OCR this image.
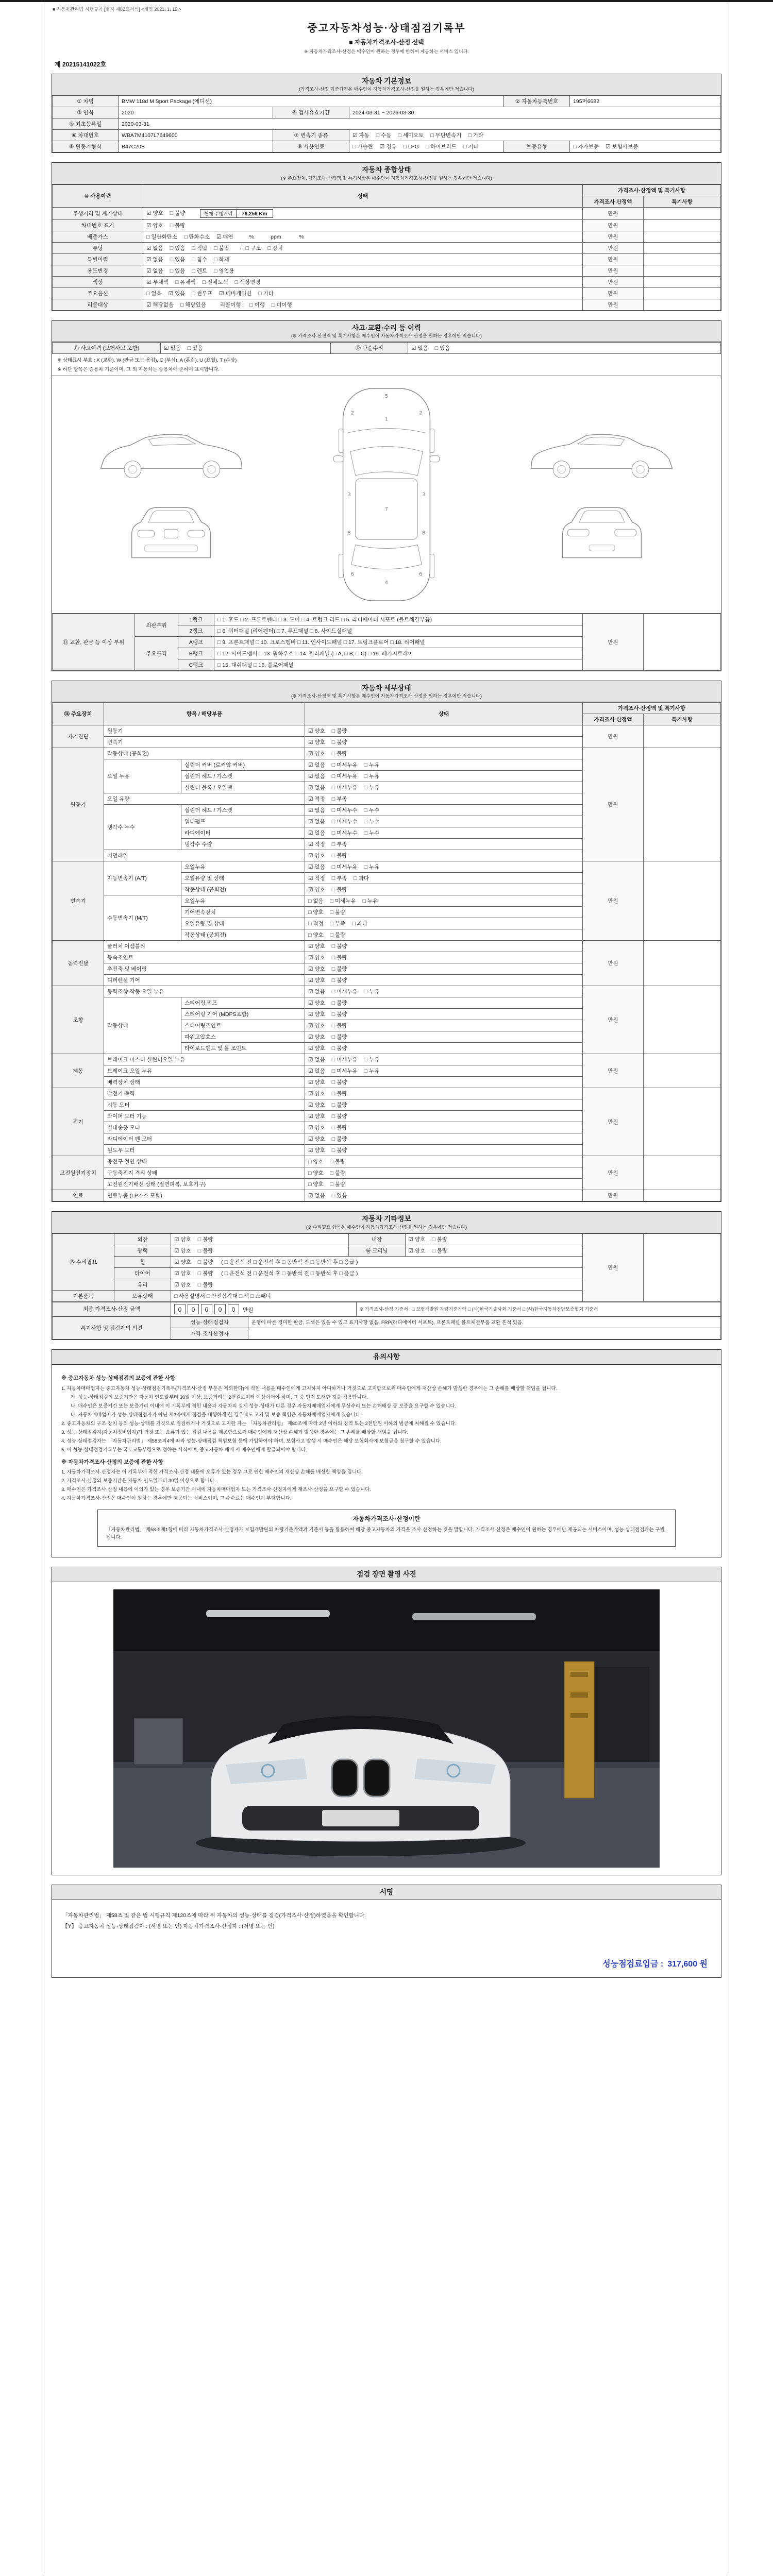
■ 자동차관리법 시행규칙 [별지 제82호서식] <개정 2021. 1. 19.>
중고자동차성능·상태점검기록부
■ 자동차가격조사·산정 선택
※ 자동차가격조사·산정은 매수인이 원하는 경우에 한하여 제공하는 서비스 입니다.
제 20215141022호
자동차 기본정보
(가격조사·산정 기준가격은 매수인이 자동차가격조사·산정을 원하는 경우에만 적습니다)
① 차명	BMW 118d M Sport Package (에디션)			② 자동차등록번호	195머6682
③ 연식	2020	④ 검사유효기간	2024-03-31 ~ 2026-03-30		
⑤ 최초등록일	2020-03-31				
⑥ 차대번호	WBA7M4107L7649600	⑦ 변속기 종류	☑ 자동 □ 수동 □ 세미오토 □ 무단변속기 □ 기타		
⑧ 원동기형식	B47C20B	⑨ 사용연료	□ 가솔린 ☑ 경유 □ LPG □ 하이브리드 □ 기타	보증유형	□ 자가보증 ☑ 보험사보증
자동차 종합상태
(※ 주요장치, 가격조사·산정액 및 특기사항은 매수인이 자동차가격조사·산정을 원하는 경우에만 적습니다)
⑩ 사용이력	상태	가격조사·산정액 및 특기사항	
		가격조사 산정액	특기사항
주행거리 및 계기상태	☑ 양호 □ 불량 현재 주행거리 76,256 Km	만원	
차대번호 표기	☑ 양호 □ 불량	만원	
배출가스	□ 일산화탄소 □ 탄화수소 ☑ 매연 %           ppm            %	만원	
튜닝	☑ 없음 □ 있음 □ 적법 □ 불법 / □ 구조 □ 장치	만원	
특별이력	☑ 없음 □ 있음 □ 침수 □ 화재	만원	
용도변경	☑ 없음 □ 있음 □ 렌트 □ 영업용	만원	
색상	☑ 무채색 □ 유채색 □ 전체도색 □ 색상변경	만원	
주요옵션	□ 없음 ☑ 있음 □ 썬루프 ☑ 네비게이션 □ 기타	만원	
리콜대상	☑ 해당없음 □ 해당있음 리콜이행 : □ 이행 □ 미이행	만원	
사고·교환·수리 등 이력
(※ 가격조사·산정액 및 특기사항은 매수인이 자동차가격조사·산정을 원하는 경우에만 적습니다)
⑪ 사고이력 (보험사고 포함)	☑ 없음 □ 있음	⑫ 단순수리	☑ 없음 □ 있음
※ 상태표시 부호 : X (교환), W (판금 또는 용접), C (부식), A (흠집), U (요철), T (손상)
※ 하단 항목은 승용차 기준이며, 그 외 자동차는 승용차에 준하여 표시합니다.
5
1
2	2
3	3
8	8
7
4
6	6
⑬ 교환, 판금 등 이상 부위	외판부위	1랭크	□ 1. 후드 □ 2. 프론트펜더 □ 3. 도어 □ 4. 트렁크 리드 □ 5. 라디에이터 서포트 (볼트체결부품)	만원	
		2랭크	□ 6. 쿼터패널 (리어펜더) □ 7. 루프패널 □ 8. 사이드실패널		
	주요골격	A랭크	□ 9. 프론트패널 □ 10. 크로스멤버 □ 11. 인사이드패널 □ 17. 트렁크플로어 □ 18. 리어패널		
		B랭크	□ 12. 사이드멤버 □ 13. 휠하우스 □ 14. 필러패널 (□ A, □ B, □ C) □ 19. 패키지트레이		
		C랭크	□ 15. 대쉬패널 □ 16. 플로어패널		
자동차 세부상태
(※ 가격조사·산정액 및 특기사항은 매수인이 자동차가격조사·산정을 원하는 경우에만 적습니다)
⑭ 주요장치	항목 / 해당부품		상태	가격조사·산정액 및 특기사항	
				가격조사 산정액	특기사항
자기진단	원동기		☑ 양호 □ 불량	만원	
	변속기		☑ 양호 □ 불량		
원동기	작동상태 (공회전)		☑ 양호 □ 불량	만원	
	오일 누유	실린더 커버 (로커암 커버)	☑ 없음 □ 미세누유 □ 누유		
		실린더 헤드 / 가스켓	☑ 없음 □ 미세누유 □ 누유		
		실린더 블록 / 오일팬	☑ 없음 □ 미세누유 □ 누유		
	오일 유량		☑ 적정 □ 부족		
	냉각수 누수	실린더 헤드 / 가스켓	☑ 없음 □ 미세누수 □ 누수		
		워터펌프	☑ 없음 □ 미세누수 □ 누수		
		라디에이터	☑ 없음 □ 미세누수 □ 누수		
		냉각수 수량	☑ 적정 □ 부족		
	커먼레일		☑ 양호 □ 불량		
변속기	자동변속기 (A/T)	오일누유	☑ 없음 □ 미세누유 □ 누유	만원	
		오일유량 및 상태	☑ 적정 □ 부족 □ 과다		
		작동상태 (공회전)	☑ 양호 □ 불량		
	수동변속기 (M/T)	오일누유	□ 없음 □ 미세누유 □ 누유		
		기어변속장치	□ 양호 □ 불량		
		오일유량 및 상태	□ 적정 □ 부족 □ 과다		
		작동상태 (공회전)	□ 양호 □ 불량		
동력전달	클러치 어셈블리		☑ 양호 □ 불량	만원	
	등속조인트		☑ 양호 □ 불량		
	추진축 및 베어링		☑ 양호 □ 불량		
	디퍼렌셜 기어		☑ 양호 □ 불량		
조향	동력조향 작동 오일 누유		☑ 없음 □ 미세누유 □ 누유	만원	
	작동상태	스티어링 펌프	☑ 양호 □ 불량		
		스티어링 기어 (MDPS포함)	☑ 양호 □ 불량		
		스티어링조인트	☑ 양호 □ 불량		
		파워고압호스	☑ 양호 □ 불량		
		타이로드엔드 및 볼 조인트	☑ 양호 □ 불량		
제동	브레이크 마스터 실린더오일 누유		☑ 없음 □ 미세누유 □ 누유	만원	
	브레이크 오일 누유		☑ 없음 □ 미세누유 □ 누유		
	배력장치 상태		☑ 양호 □ 불량		
전기	발전기 출력		☑ 양호 □ 불량	만원	
	시동 모터		☑ 양호 □ 불량		
	와이퍼 모터 기능		☑ 양호 □ 불량		
	실내송풍 모터		☑ 양호 □ 불량		
	라디에이터 팬 모터		☑ 양호 □ 불량		
	윈도우 모터		☑ 양호 □ 불량		
고전원전기장치	충전구 절연 상태		□ 양호 □ 불량	만원	
	구동축전지 격리 상태		□ 양호 □ 불량		
	고전원전기배선 상태 (절연피복, 보호기구)		□ 양호 □ 불량		
연료	연료누출 (LP가스 포함)		☑ 없음 □ 있음	만원	
자동차 기타정보
(※ 수리필요 항목은 매수인이 자동차가격조사·산정을 원하는 경우에만 적습니다)
⑮ 수리필요	외장	☑ 양호 □ 불량	내장	☑ 양호 □ 불량	만원	
	광택	☑ 양호 □ 불량	룸 크리닝	☑ 양호 □ 불량		
	휠	☑ 양호 □ 불량 ( □ 운전석 전 □ 운전석 후 □ 동반석 전 □ 동반석 후 □ 응급 )				
	타이어	☑ 양호 □ 불량 ( □ 운전석 전 □ 운전석 후 □ 동반석 전 □ 동반석 후 □ 응급 )				
	유리	☑ 양호 □ 불량				
기본품목	보유상태	□ 사용설명서 □ 안전삼각대 □ 잭 □ 스패너				
최종 가격조사·산정 금액	0 0 0 0 0 만원	※ 가격조사·산정 기준서 : □ 보험개발원 차량기준가액 □ (사)한국기술사회 기준서 □ (사)한국자동차진단보증협회 기준서
특기사항 및 점검자의 의견	성능·상태점검자	운행에 따른 경미한 판금, 도색은 있을 수 있고 표기사항 없음. FRP(라디에이터 서포트), 프론트패널 볼트체결부품 교환 흔적 있음.
	가격·조사산정자	
유의사항
※ 중고자동차 성능·상태점검의 보증에 관한 사항
1. 자동차매매업자는 중고자동차 성능·상태점검기록부(가격조사·산정 부분은 제외한다)에 적힌 내용을 매수인에게 고지하지 아니하거나 거짓으로 고지함으로써 매수인에게 재산상 손해가 발생한 경우에는 그 손해를 배상할 책임을 집니다.
가. 성능·상태점검의 보증기간은 자동차 인도일부터 30일 이상, 보증거리는 2천킬로미터 이상이어야 하며, 그 중 먼저 도래한 것을 적용합니다.
나. 매수인은 보증기간 또는 보증거리 이내에 이 기록부에 적힌 내용과 자동차의 실제 성능·상태가 다른 경우 자동차매매업자에게 무상수리 또는 손해배상 등 보증을 요구할 수 있습니다.
다. 자동차매매업자가 성능·상태점검자가 아닌 제3자에게 점검을 대행하게 한 경우에도 고지 및 보증 책임은 자동차매매업자에게 있습니다.
2. 중고자동차의 구조·장치 등의 성능·상태를 거짓으로 점검하거나 거짓으로 고지한 자는 「자동차관리법」 제80조에 따라 2년 이하의 징역 또는 2천만원 이하의 벌금에 처해질 수 있습니다.
3. 성능·상태점검자(자동차정비업자)가 거짓 또는 오류가 있는 점검 내용을 제공함으로써 매수인에게 재산상 손해가 발생한 경우에는 그 손해를 배상할 책임을 집니다.
4. 성능·상태점검자는 「자동차관리법」 제58조의4에 따라 성능·상태점검 책임보험 등에 가입하여야 하며, 보험사고 발생 시 매수인은 해당 보험회사에 보험금을 청구할 수 있습니다.
5. 이 성능·상태점검기록부는 국토교통부령으로 정하는 서식이며, 중고자동차 매매 시 매수인에게 발급되어야 합니다.
※ 자동차가격조사·산정의 보증에 관한 사항
1. 자동차가격조사·산정자는 이 기록부에 적힌 가격조사·산정 내용에 오류가 있는 경우 그로 인한 매수인의 재산상 손해를 배상할 책임을 집니다.
2. 가격조사·산정의 보증기간은 자동차 인도일부터 30일 이상으로 합니다.
3. 매수인은 가격조사·산정 내용에 이의가 있는 경우 보증기간 이내에 자동차매매업자 또는 가격조사·산정자에게 재조사·산정을 요구할 수 있습니다.
4. 자동차가격조사·산정은 매수인이 원하는 경우에만 제공되는 서비스이며, 그 수수료는 매수인이 부담합니다.
자동차가격조사·산정이란
「자동차관리법」 제58조제1항에 따라 자동차가격조사·산정자가 보험개발원의 차량기준가액과 기준서 등을 활용하여 해당 중고자동차의 가격을 조사·산정하는 것을 말합니다. 가격조사·산정은 매수인이 원하는 경우에만 제공되는 서비스이며, 성능·상태점검과는 구별됩니다.
점검 장면 촬영 사진
서명
「자동차관리법」 제58조 및 같은 법 시행규칙 제120조에 따라 위 자동차의 성능·상태를 점검(가격조사·산정)하였음을 확인합니다.
【Y】 중고자동차 성능·상태점검자 : (서명 또는 인) 자동차가격조사·산정자 : (서명 또는 인)
성능점검료입금 : 317,600 원
